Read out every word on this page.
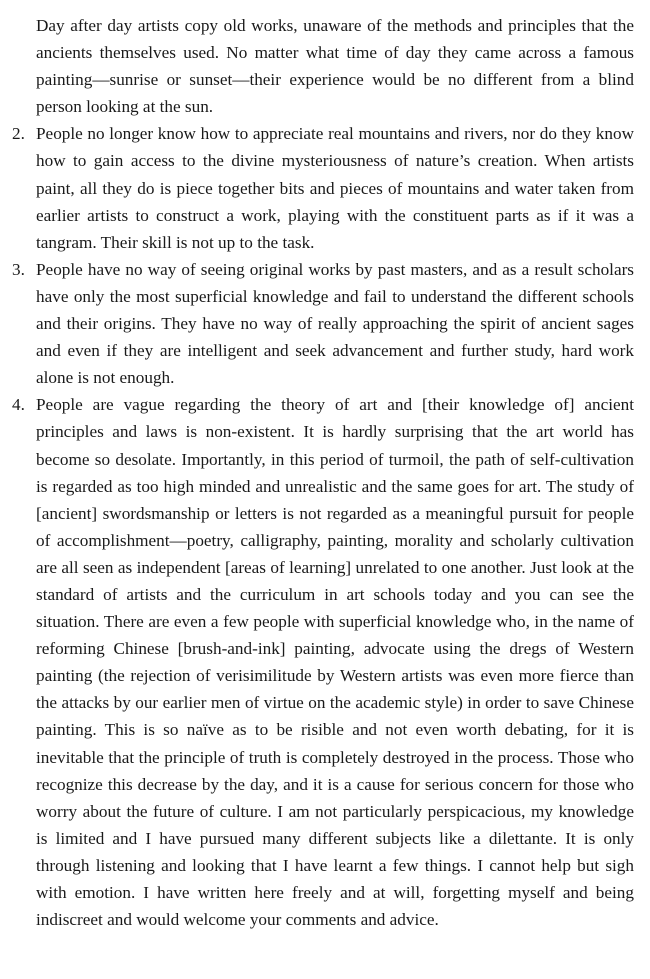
Day after day artists copy old works, unaware of the methods and principles that the ancients themselves used. No matter what time of day they came across a famous painting—sunrise or sunset—their experience would be no different from a blind person looking at the sun.

2. People no longer know how to appreciate real mountains and rivers, nor do they know how to gain access to the divine mysteriousness of nature’s creation. When artists paint, all they do is piece together bits and pieces of mountains and water taken from earlier artists to construct a work, playing with the constituent parts as if it was a tangram. Their skill is not up to the task.

3. People have no way of seeing original works by past masters, and as a result scholars have only the most superficial knowledge and fail to understand the different schools and their origins. They have no way of really approaching the spirit of ancient sages and even if they are intelligent and seek advancement and further study, hard work alone is not enough.

4. People are vague regarding the theory of art and [their knowledge of] ancient principles and laws is non-existent. It is hardly surprising that the art world has become so desolate. Importantly, in this period of turmoil, the path of self-cultivation is regarded as too high minded and unrealistic and the same goes for art. The study of [ancient] swordsmanship or letters is not regarded as a meaningful pursuit for people of accomplishment—poetry, calligraphy, painting, morality and scholarly cultivation are all seen as independent [areas of learning] unrelated to one another. Just look at the standard of artists and the curriculum in art schools today and you can see the situation. There are even a few people with superficial knowledge who, in the name of reforming Chinese [brush-and-ink] painting, advocate using the dregs of Western painting (the rejection of verisimilitude by Western artists was even more fierce than the attacks by our earlier men of virtue on the academic style) in order to save Chinese painting. This is so naïve as to be risible and not even worth debating, for it is inevitable that the principle of truth is completely destroyed in the process. Those who recognize this decrease by the day, and it is a cause for serious concern for those who worry about the future of culture. I am not particularly perspicacious, my knowledge is limited and I have pursued many different subjects like a dilettante. It is only through listening and looking that I have learnt a few things. I cannot help but sigh with emotion. I have written here freely and at will, forgetting myself and being indiscreet and would welcome your comments and advice.
